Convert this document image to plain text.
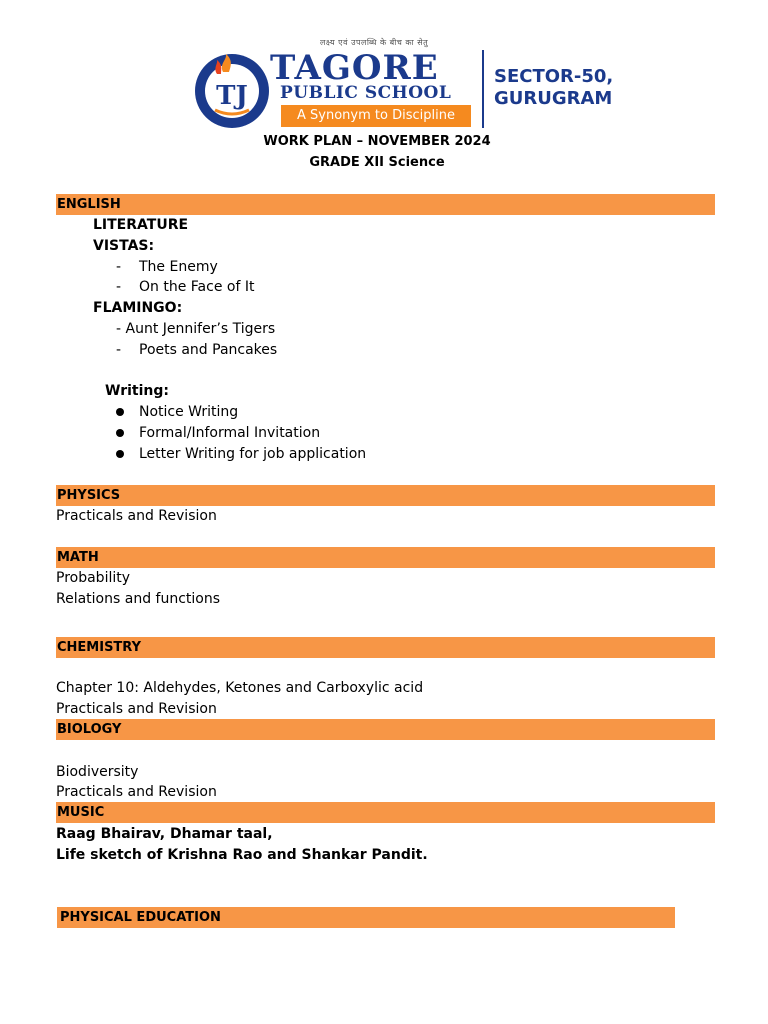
लक्ष्य एवं उपलब्धि के बीच का सेतु
TJ
TAGORE
PUBLIC SCHOOL
A Synonym to Discipline
SECTOR-50,
GURUGRAM
WORK PLAN – NOVEMBER 2024
GRADE XII Science
ENGLISH
LITERATURE
VISTAS:
- The Enemy
- On the Face of It
FLAMINGO:
- Aunt Jennifer’s Tigers
- Poets and Pancakes
Writing:
Notice Writing
Formal/Informal Invitation
Letter Writing for job application
PHYSICS
Practicals and Revision
MATH
Probability
Relations and functions
CHEMISTRY
Chapter 10: Aldehydes, Ketones and Carboxylic acid
Practicals and Revision
BIOLOGY
Biodiversity
Practicals and Revision
MUSIC
Raag Bhairav, Dhamar taal,
Life sketch of Krishna Rao and Shankar Pandit.
PHYSICAL EDUCATION
